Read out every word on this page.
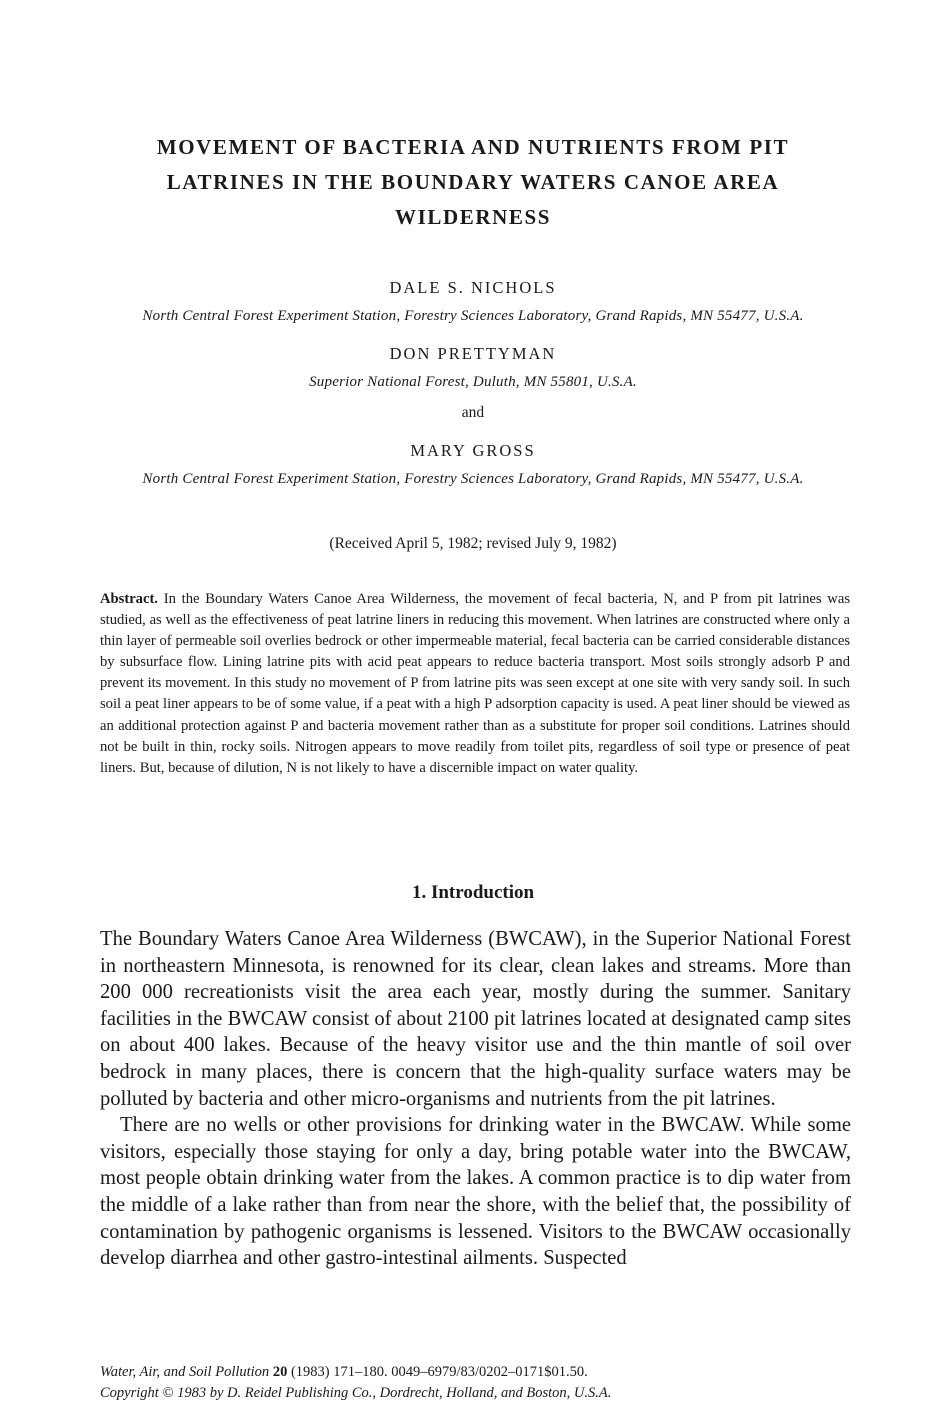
MOVEMENT OF BACTERIA AND NUTRIENTS FROM PIT
LATRINES IN THE BOUNDARY WATERS CANOE AREA
WILDERNESS
DALE S. NICHOLS
North Central Forest Experiment Station, Forestry Sciences Laboratory, Grand Rapids, MN 55477, U.S.A.
DON PRETTYMAN
Superior National Forest, Duluth, MN 55801, U.S.A.
and
MARY GROSS
North Central Forest Experiment Station, Forestry Sciences Laboratory, Grand Rapids, MN 55477, U.S.A.
(Received April 5, 1982; revised July 9, 1982)
Abstract. In the Boundary Waters Canoe Area Wilderness, the movement of fecal bacteria, N, and P from pit latrines was studied, as well as the effectiveness of peat latrine liners in reducing this movement. When latrines are constructed where only a thin layer of permeable soil overlies bedrock or other impermeable material, fecal bacteria can be carried considerable distances by subsurface flow. Lining latrine pits with acid peat appears to reduce bacteria transport. Most soils strongly adsorb P and prevent its movement. In this study no movement of P from latrine pits was seen except at one site with very sandy soil. In such soil a peat liner appears to be of some value, if a peat with a high P adsorption capacity is used. A peat liner should be viewed as an additional protection against P and bacteria movement rather than as a substitute for proper soil conditions. Latrines should not be built in thin, rocky soils. Nitrogen appears to move readily from toilet pits, regardless of soil type or presence of peat liners. But, because of dilution, N is not likely to have a discernible impact on water quality.
1. Introduction

The Boundary Waters Canoe Area Wilderness (BWCAW), in the Superior National Forest in northeastern Minnesota, is renowned for its clear, clean lakes and streams. More than 200 000 recreationists visit the area each year, mostly during the summer. Sanitary facilities in the BWCAW consist of about 2100 pit latrines located at designated camp sites on about 400 lakes. Because of the heavy visitor use and the thin mantle of soil over bedrock in many places, there is concern that the high-quality surface waters may be polluted by bacteria and other micro-organisms and nutrients from the pit latrines.

There are no wells or other provisions for drinking water in the BWCAW. While some visitors, especially those staying for only a day, bring potable water into the BWCAW, most people obtain drinking water from the lakes. A common practice is to dip water from the middle of a lake rather than from near the shore, with the belief that, the possibility of contamination by pathogenic organisms is lessened. Visitors to the BWCAW occasionally develop diarrhea and other gastro-intestinal ailments. Suspected

Water, Air, and Soil Pollution 20 (1983) 171–180. 0049–6979/83/0202–0171$01.50.
Copyright © 1983 by D. Reidel Publishing Co., Dordrecht, Holland, and Boston, U.S.A.
